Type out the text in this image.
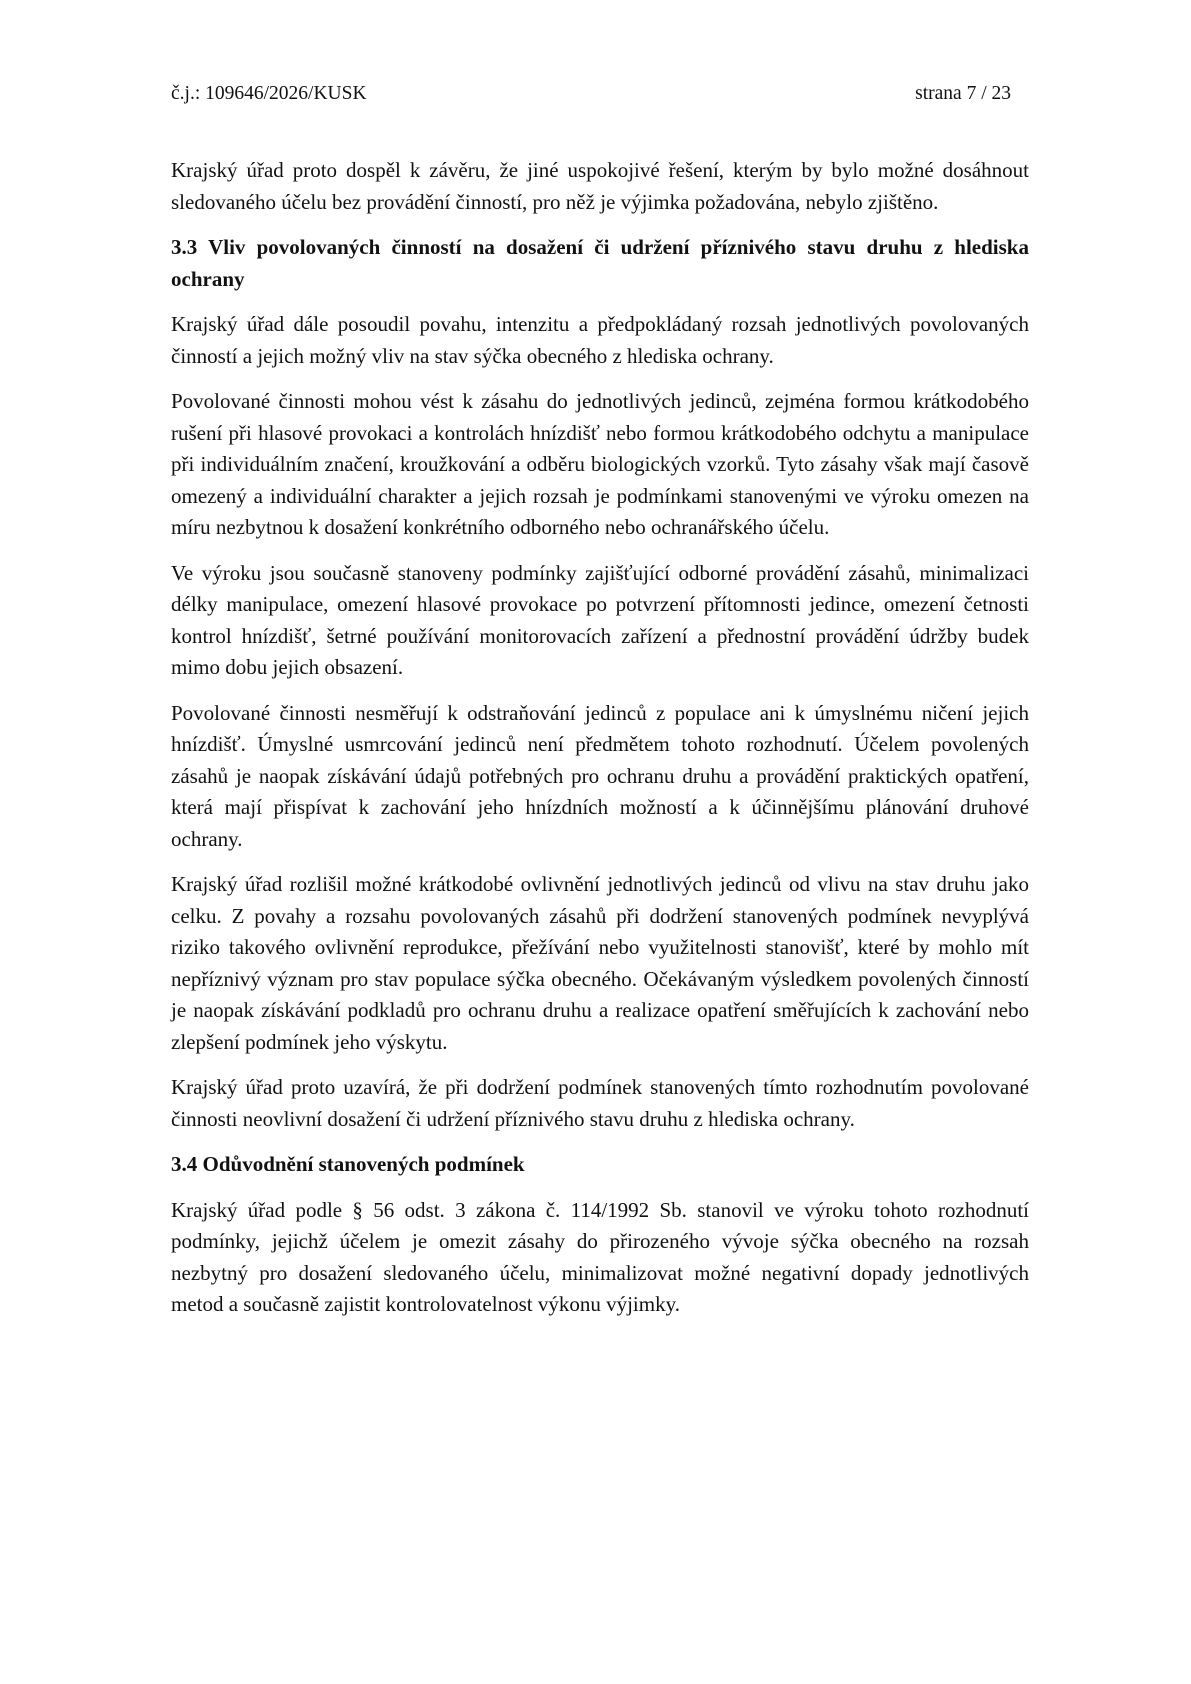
č.j.: 109646/2026/KUSK	strana 7 / 23

Krajský úřad proto dospěl k závěru, že jiné uspokojivé řešení, kterým by bylo možné dosáhnout sledovaného účelu bez provádění činností, pro něž je výjimka požadována, nebylo zjištěno.

3.3 Vliv povolovaných činností na dosažení či udržení příznivého stavu druhu z hlediska ochrany

Krajský úřad dále posoudil povahu, intenzitu a předpokládaný rozsah jednotlivých povolovaných činností a jejich možný vliv na stav sýčka obecného z hlediska ochrany.

Povolované činnosti mohou vést k zásahu do jednotlivých jedinců, zejména formou krátkodobého rušení při hlasové provokaci a kontrolách hnízdišť nebo formou krátkodobého odchytu a manipulace při individuálním značení, kroužkování a odběru biologických vzorků. Tyto zásahy však mají časově omezený a individuální charakter a jejich rozsah je podmínkami stanovenými ve výroku omezen na míru nezbytnou k dosažení konkrétního odborného nebo ochranářského účelu.

Ve výroku jsou současně stanoveny podmínky zajišťující odborné provádění zásahů, minimalizaci délky manipulace, omezení hlasové provokace po potvrzení přítomnosti jedince, omezení četnosti kontrol hnízdišť, šetrné používání monitorovacích zařízení a přednostní provádění údržby budek mimo dobu jejich obsazení.

Povolované činnosti nesměřují k odstraňování jedinců z populace ani k úmyslnému ničení jejich hnízdišť. Úmyslné usmrcování jedinců není předmětem tohoto rozhodnutí. Účelem povolených zásahů je naopak získávání údajů potřebných pro ochranu druhu a provádění praktických opatření, která mají přispívat k zachování jeho hnízdních možností a k účinnějšímu plánování druhové ochrany.

Krajský úřad rozlišil možné krátkodobé ovlivnění jednotlivých jedinců od vlivu na stav druhu jako celku. Z povahy a rozsahu povolovaných zásahů při dodržení stanovených podmínek nevyplývá riziko takového ovlivnění reprodukce, přežívání nebo využitelnosti stanovišť, které by mohlo mít nepříznivý význam pro stav populace sýčka obecného. Očekávaným výsledkem povolených činností je naopak získávání podkladů pro ochranu druhu a realizace opatření směřujících k zachování nebo zlepšení podmínek jeho výskytu.

Krajský úřad proto uzavírá, že při dodržení podmínek stanovených tímto rozhodnutím povolované činnosti neovlivní dosažení či udržení příznivého stavu druhu z hlediska ochrany.

3.4 Odůvodnění stanovených podmínek

Krajský úřad podle § 56 odst. 3 zákona č. 114/1992 Sb. stanovil ve výroku tohoto rozhodnutí podmínky, jejichž účelem je omezit zásahy do přirozeného vývoje sýčka obecného na rozsah nezbytný pro dosažení sledovaného účelu, minimalizovat možné negativní dopady jednotlivých metod a současně zajistit kontrolovatelnost výkonu výjimky.
